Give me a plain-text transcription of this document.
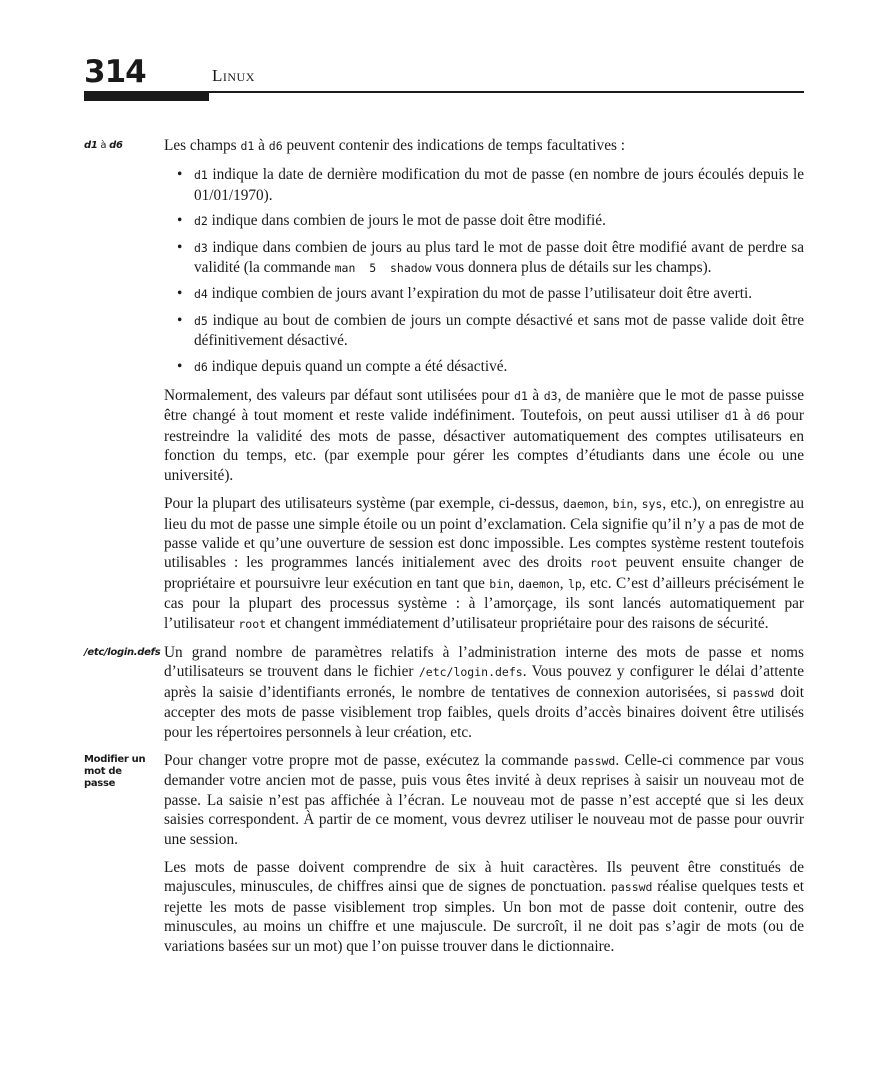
314	Linux
d1 à d6	Les champs d1 à d6 peuvent contenir des indications de temps facultatives :

• d1 indique la date de dernière modification du mot de passe (en nombre de jours écoulés depuis le 01/01/1970).
• d2 indique dans combien de jours le mot de passe doit être modifié.
• d3 indique dans combien de jours au plus tard le mot de passe doit être modifié avant de perdre sa validité (la commande man  5  shadow vous donnera plus de détails sur les champs).
• d4 indique combien de jours avant l’expiration du mot de passe l’utilisateur doit être averti.
• d5 indique au bout de combien de jours un compte désactivé et sans mot de passe valide doit être définitivement désactivé.
• d6 indique depuis quand un compte a été désactivé.

Normalement, des valeurs par défaut sont utilisées pour d1 à d3, de manière que le mot de passe puisse être changé à tout moment et reste valide indéfiniment. Toutefois, on peut aussi utiliser d1 à d6 pour restreindre la validité des mots de passe, désactiver automatiquement des comptes utilisateurs en fonction du temps, etc. (par exemple pour gérer les comptes d’étudiants dans une école ou une université).

Pour la plupart des utilisateurs système (par exemple, ci-dessus, daemon, bin, sys, etc.), on enregistre au lieu du mot de passe une simple étoile ou un point d’exclamation. Cela signifie qu’il n’y a pas de mot de passe valide et qu’une ouverture de session est donc impossible. Les comptes système restent toutefois utilisables : les programmes lancés initialement avec des droits root peuvent ensuite changer de propriétaire et poursuivre leur exécution en tant que bin, daemon, lp, etc. C’est d’ailleurs précisément le cas pour la plupart des processus système : à l’amorçage, ils sont lancés automatiquement par l’utilisateur root et changent immédiatement d’utilisateur propriétaire pour des raisons de sécurité.

/etc/login.defs Un grand nombre de paramètres relatifs à l’administration interne des mots de passe et noms d’utilisateurs se trouvent dans le fichier /etc/login.defs. Vous pouvez y configurer le délai d’attente après la saisie d’identifiants erronés, le nombre de tentatives de connexion autorisées, si passwd doit accepter des mots de passe visiblement trop faibles, quels droits d’accès binaires doivent être utilisés pour les répertoires personnels à leur création, etc.

Modifier un
mot de passe

Pour changer votre propre mot de passe, exécutez la commande passwd. Celle-ci commence par vous demander votre ancien mot de passe, puis vous êtes invité à deux reprises à saisir un nouveau mot de passe. La saisie n’est pas affichée à l’écran. Le nouveau mot de passe n’est accepté que si les deux saisies correspondent. À partir de ce moment, vous devrez utiliser le nouveau mot de passe pour ouvrir une session.

Les mots de passe doivent comprendre de six à huit caractères. Ils peuvent être constitués de majuscules, minuscules, de chiffres ainsi que de signes de ponctuation. passwd réalise quelques tests et rejette les mots de passe visiblement trop simples. Un bon mot de passe doit contenir, outre des minuscules, au moins un chiffre et une majuscule. De surcroît, il ne doit pas s’agir de mots (ou de variations basées sur un mot) que l’on puisse trouver dans le dictionnaire.
